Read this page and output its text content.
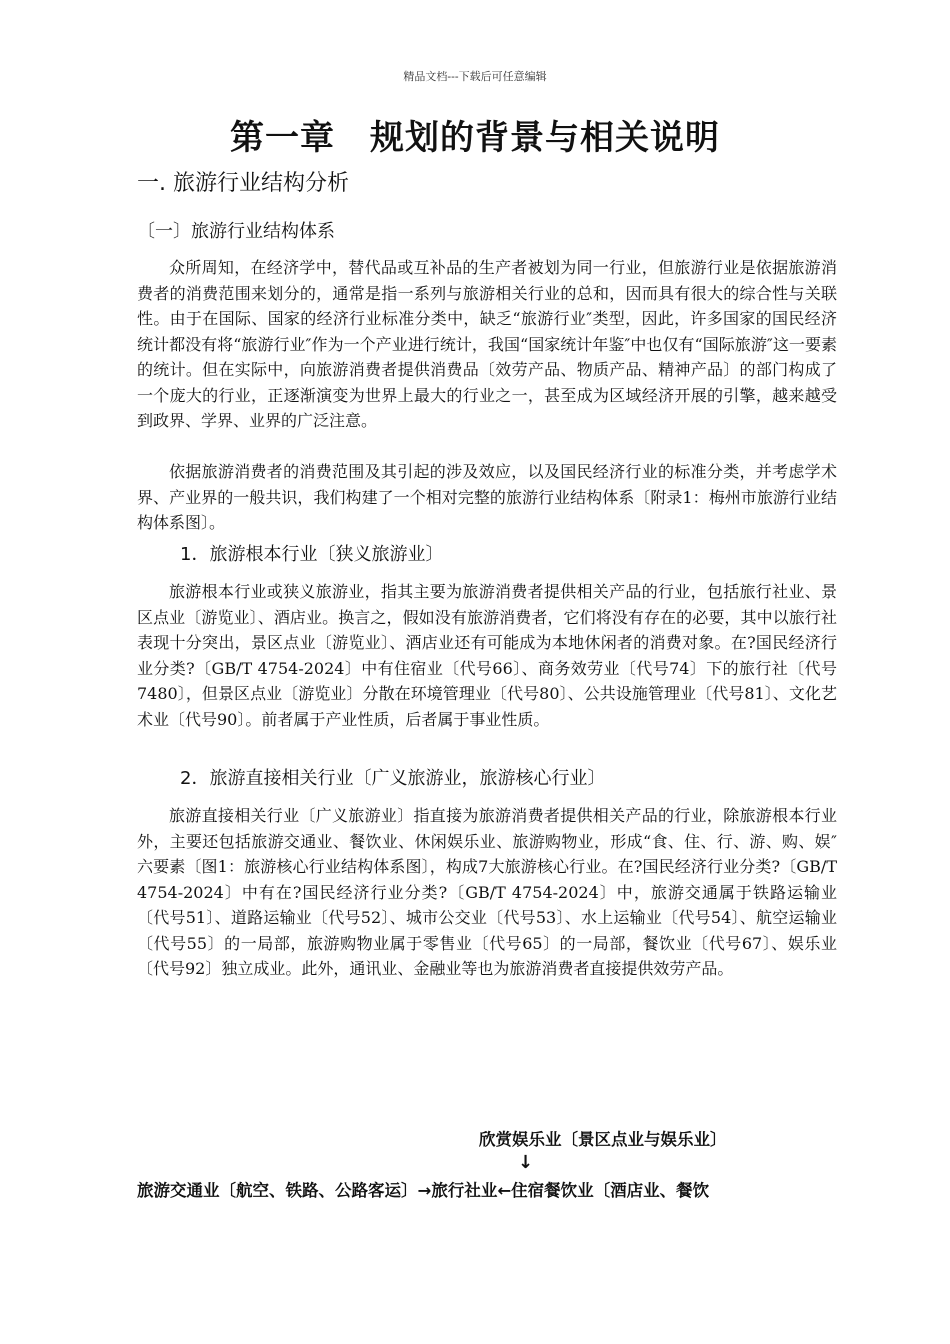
精品文档---下载后可任意编辑
第一章　规划的背景与相关说明
一. 旅游行业结构分析
〔一〕旅游行业结构体系

众所周知，在经济学中，替代品或互补品的生产者被划为同一行业，但旅游行业是依据旅游消费者的消费范围来划分的，通常是指一系列与旅游相关行业的总和，因而具有很大的综合性与关联性。由于在国际、国家的经济行业标准分类中，缺乏“旅游行业″类型，因此，许多国家的国民经济统计都没有将“旅游行业″作为一个产业进行统计，我国“国家统计年鉴″中也仅有“国际旅游″这一要素的统计。但在实际中，向旅游消费者提供消费品〔效劳产品、物质产品、精神产品〕的部门构成了一个庞大的行业，正逐渐演变为世界上最大的行业之一，甚至成为区域经济开展的引擎，越来越受到政界、学界、业界的广泛注意。

依据旅游消费者的消费范围及其引起的涉及效应，以及国民经济行业的标准分类，并考虑学术界、产业界的一般共识，我们构建了一个相对完整的旅游行业结构体系〔附录1：梅州市旅游行业结构体系图〕。

1．旅游根本行业〔狭义旅游业〕

旅游根本行业或狭义旅游业，指其主要为旅游消费者提供相关产品的行业，包括旅行社业、景区点业〔游览业〕、酒店业。换言之，假如没有旅游消费者，它们将没有存在的必要，其中以旅行社表现十分突出，景区点业〔游览业〕、酒店业还有可能成为本地休闲者的消费对象。在?国民经济行业分类?〔GB/T 4754-2024〕中有住宿业〔代号66〕、商务效劳业〔代号74〕下的旅行社〔代号7480〕，但景区点业〔游览业〕分散在环境管理业〔代号80〕、公共设施管理业〔代号81〕、文化艺术业〔代号90〕。前者属于产业性质，后者属于事业性质。

2．旅游直接相关行业〔广义旅游业，旅游核心行业〕

旅游直接相关行业〔广义旅游业〕指直接为旅游消费者提供相关产品的行业，除旅游根本行业外，主要还包括旅游交通业、餐饮业、休闲娱乐业、旅游购物业，形成“食、住、行、游、购、娱″六要素〔图1：旅游核心行业结构体系图〕，构成7大旅游核心行业。在?国民经济行业分类?〔GB/T 4754-2024〕中有在?国民经济行业分类?〔GB/T 4754-2024〕中，旅游交通属于铁路运输业〔代号51〕、道路运输业〔代号52〕、城市公交业〔代号53〕、水上运输业〔代号54〕、航空运输业〔代号55〕的一局部，旅游购物业属于零售业〔代号65〕的一局部，餐饮业〔代号67〕、娱乐业〔代号92〕独立成业。此外，通讯业、金融业等也为旅游消费者直接提供效劳产品。

欣赏娱乐业〔景区点业与娱乐业〕
↓
旅游交通业〔航空、铁路、公路客运〕→旅行社业←住宿餐饮业〔酒店业、餐饮
